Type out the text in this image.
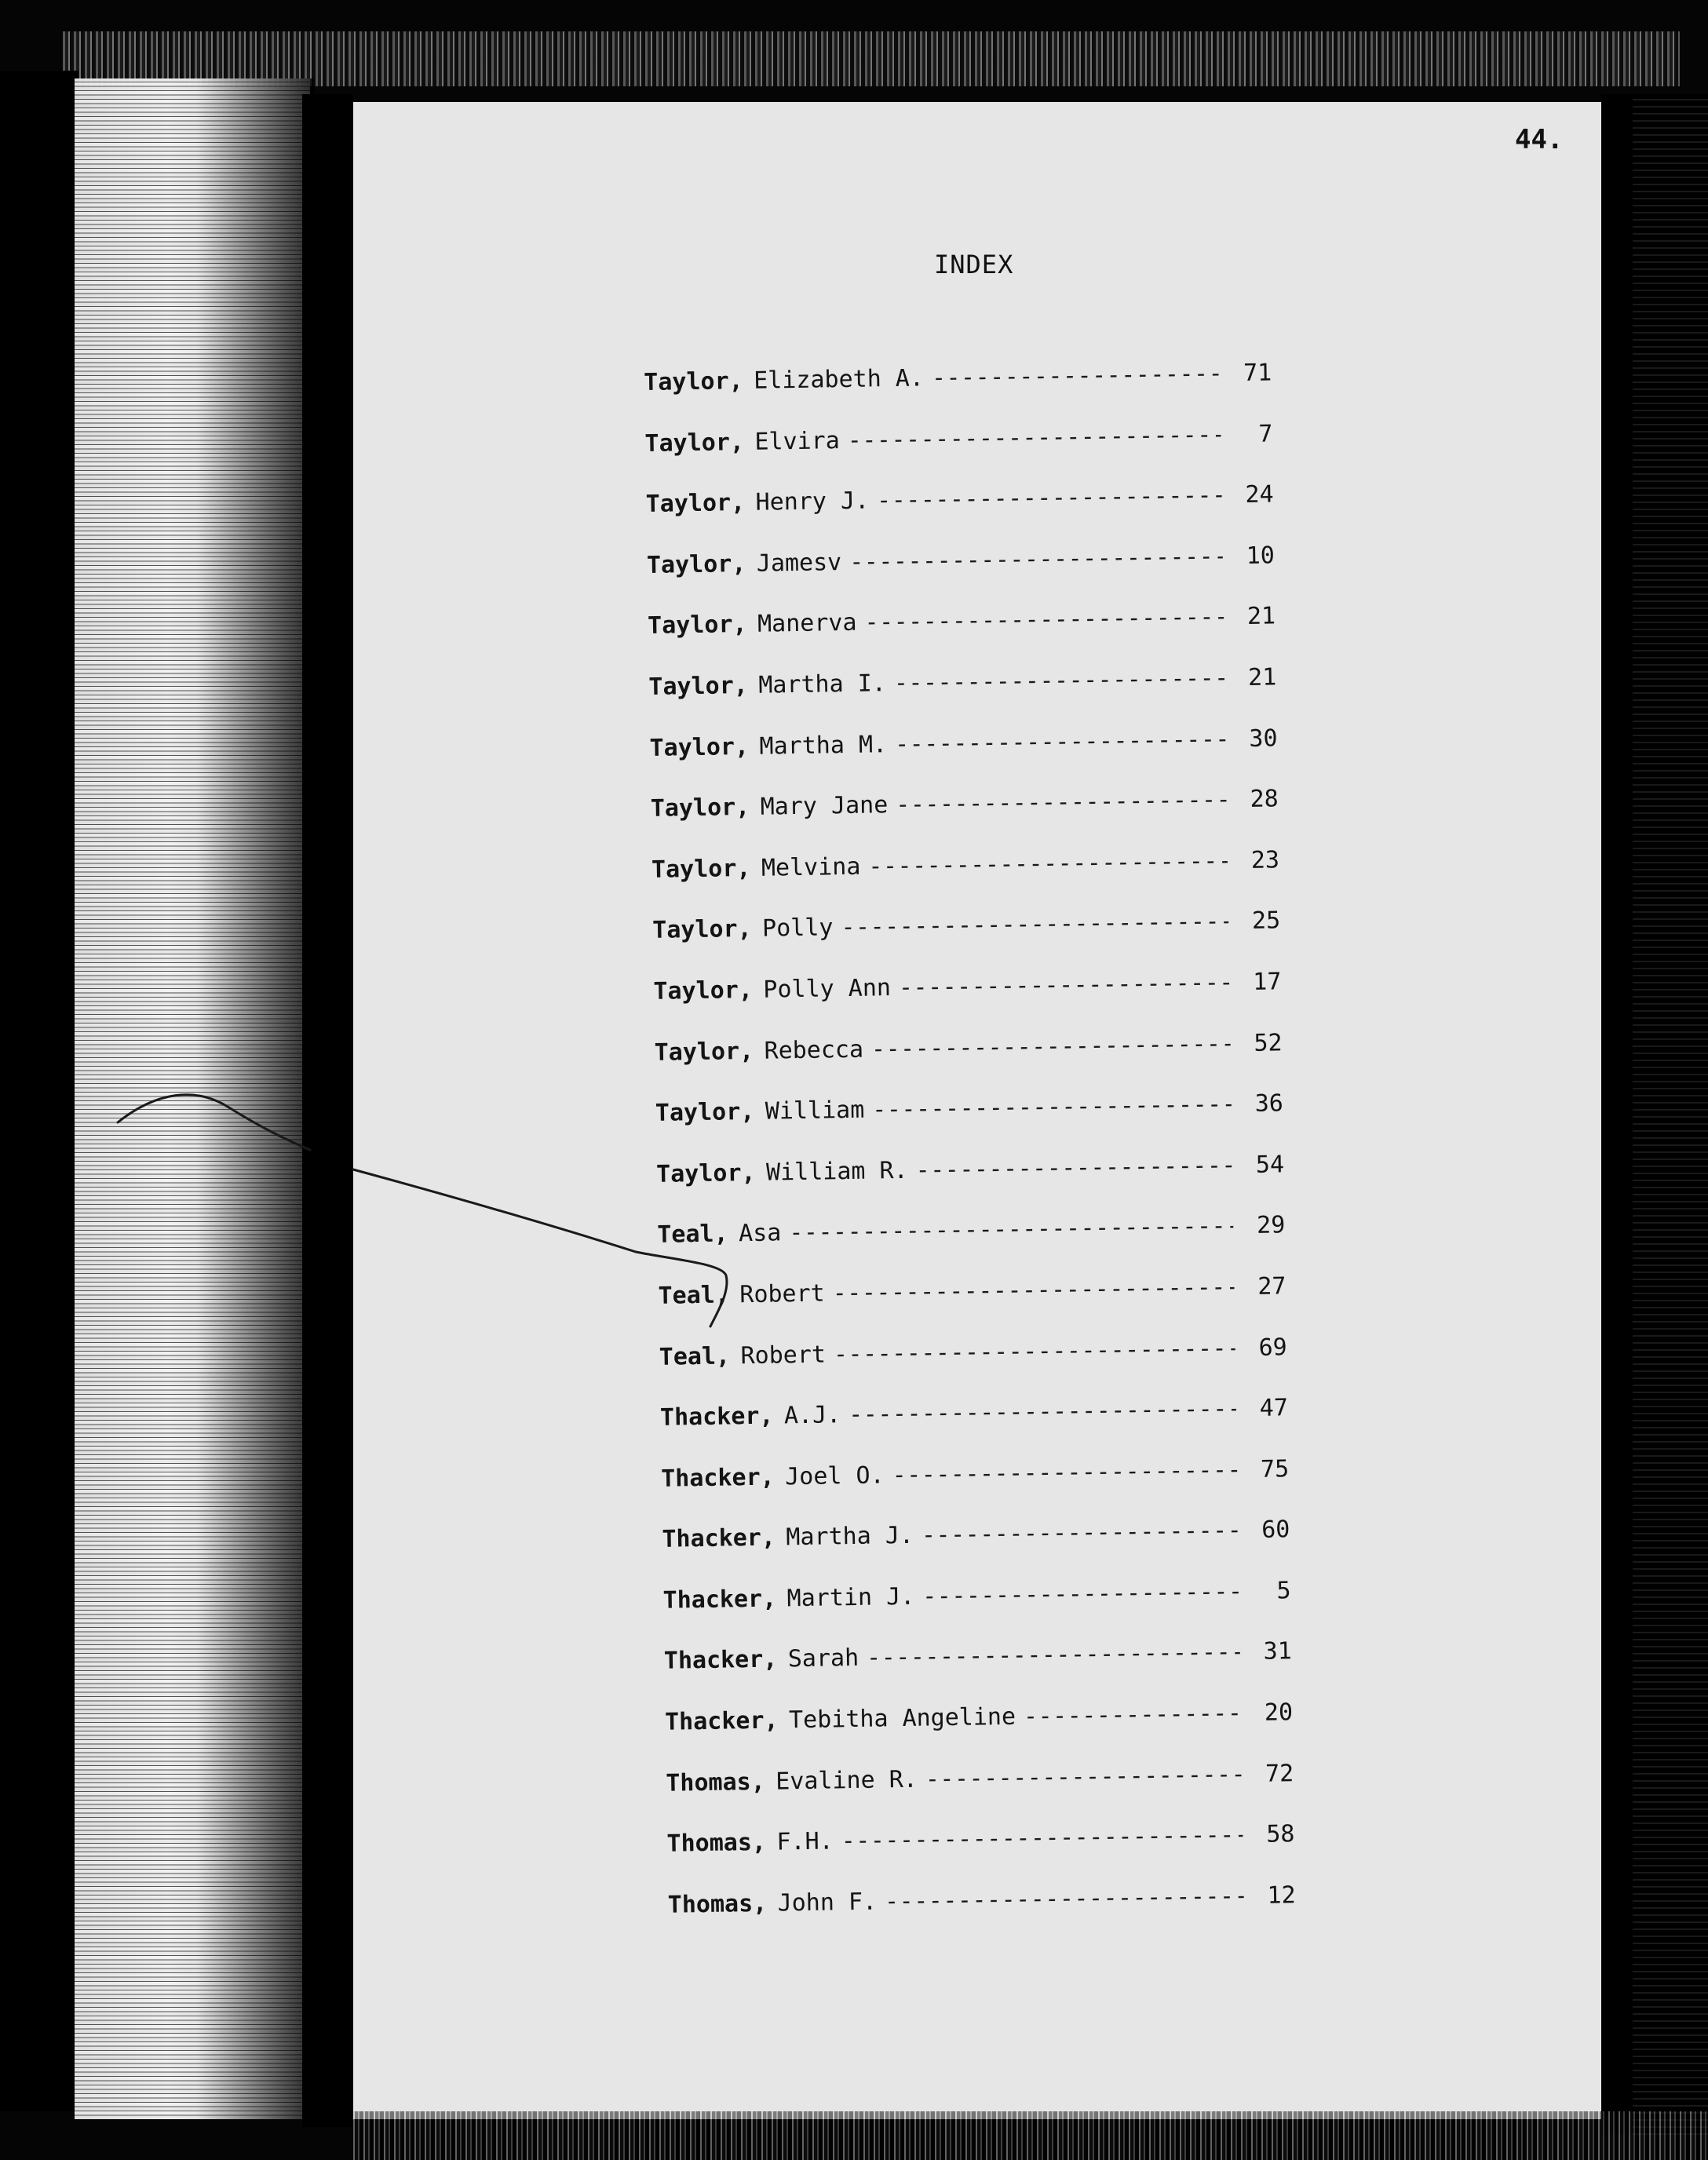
44.
INDEX
Taylor, Elizabeth A. -----	71
Taylor, Elvira -----	7
Taylor, Henry J. -----	24
Taylor, Jamesv -----	10
Taylor, Manerva -----	21
Taylor, Martha I. -----	21
Taylor, Martha M. -----	30
Taylor, Mary Jane -----	28
Taylor, Melvina -----	23
Taylor, Polly -----	25
Taylor, Polly Ann -----	17
Taylor, Rebecca -----	52
Taylor, William -----	36
Taylor, William R. -----	54
Teal, Asa -----	29
Teal, Robert -----	27
Teal, Robert -----	69
Thacker, A.J. -----	47
Thacker, Joel O. -----	75
Thacker, Martha J. -----	60
Thacker, Martin J. -----	5
Thacker, Sarah -----	31
Thacker, Tebitha Angeline -----	20
Thomas, Evaline R. -----	72
Thomas, F.H. -----	58
Thomas, John F. -----	12
